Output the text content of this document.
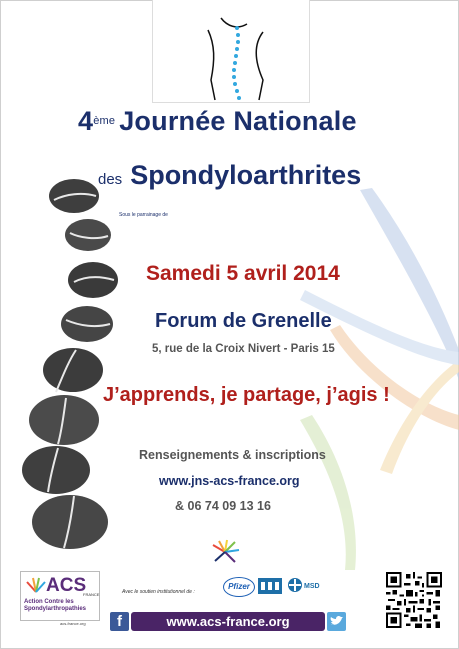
4ème Journée Nationale
des Spondyloarthrites
Sous le parrainage de
Samedi 5 avril 2014
Forum de Grenelle
5, rue de la Croix Nivert - Paris 15
J’apprends, je partage, j’agis !
Renseignements & inscriptions
www.jns-acs-france.org
& 06 74 09 13 16
ACS
FRANCE
Action Contre les
Spondylarthropathies
acs-france.org
Avec le soutien institutionnel de :
Pfizer	MSD
f	www.acs-france.org
